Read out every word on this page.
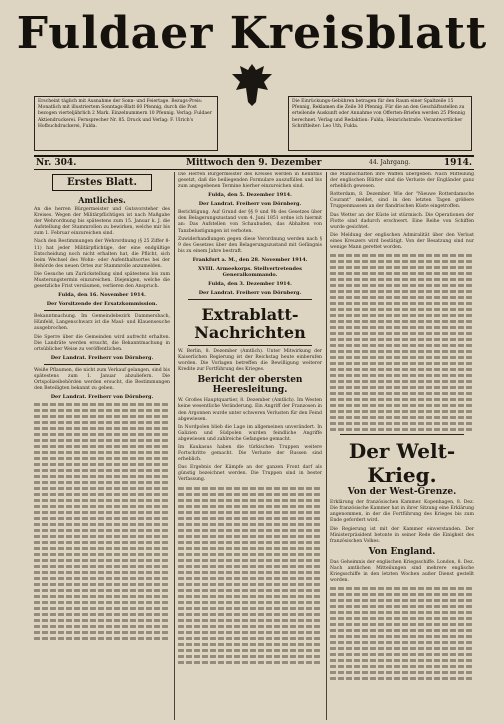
Fuldaer Kreisblatt
Erscheint täglich mit Ausnahme der Sonn- und Feiertage. Bezugs-Preis: Monatlich mit illustriertem Sonntags-Blatt 60 Pfennig, durch die Post bezogen vierteljährlich 2 Mark. Einzelnummern 10 Pfennig. Verlag: Fuldaer Aktiendruckerei. Fernsprecher Nr. 85. Druck und Verlag: F. Ulrich's Hofbuchdruckerei, Fulda.
Die Einrückungs-Gebühren betragen für den Raum einer Spaltzeile 15 Pfennig, Reklamen die Zeile 30 Pfennig. Für die an den Geschäftsstellen zu erteilende Auskunft oder Annahme von Offerten-Briefen werden 25 Pfennig berechnet. Verlag und Redaktion: Fulda, Heinrichstraße. Verantwortlicher Schriftleiter: Leo Uth, Fulda.
Nr. 304.	Mittwoch den 9. Dezember	44. Jahrgang.	1914.
Erstes Blatt.
Amtliches.

An die herren Bürgermeister und Gutsvorsteher des Kreises. Wegen der Militärpflichtigen ist nach Maßgabe der Wehrordnung bis spätestens zum 15. Januar k. J. die Aufstellung der Stammrollen zu bewirken, welche mir bis zum 1. Februar einzureichen sind.

Nach den Bestimmungen der Wehrordnung (§ 25 Ziffer 8-11) hat jeder Militärpflichtige, der eine endgültige Entscheidung noch nicht erhalten hat, die Pflicht, sich beim Wechsel des Wohn- oder Aufenthaltsortes bei der Behörde des neuen Ortes zur Stammrolle anzumelden.

Die Gesuche um Zurückstellung sind spätestens bis zum Musterungstermin einzureichen. Diejenigen, welche die gesetzliche Frist versäumen, verlieren den Anspruch.

Fulda, den 16. November 1914.
Der Vorsitzende der Ersatzkommission.

Bekanntmachung. Im Gemeindebezirk Dammersbach, Hünfeld, Langenschwarz ist die Maul- und Klauenseuche ausgebrochen.

Die Sperre über die Gemeinden wird aufrecht erhalten. Die Landräte werden ersucht, die Bekanntmachung in ortsüblicher Weise zu veröffentlichen.

Der Landrat. Freiherr von Dörnberg.

Weiße Pflaumen, die nicht zum Verkauf gelangen, sind bis spätestens zum 1. Januar abzuliefern. Die Ortspolizeibehörden werden ersucht, die Bestimmungen den Beteiligten bekannt zu geben.

Der Landrat. Freiherr von Dörnberg.

Die Herren Bürgermeister des Kreises werden in Kenntnis gesetzt, daß die beiliegenden Formulare auszufüllen und bis zum angegebenen Termine hierher einzureichen sind.

Fulda, den 5. Dezember 1914.
Der Landrat. Freiherr von Dörnberg.

Berichtigung. Auf Grund der §§ 9 und 9b des Gesetzes über den Belagerungszustand vom 4. Juni 1851 ordne ich hiermit an: Das Aufstellen von Schaubuden, das Abhalten von Tanzbelustigungen ist verboten.

Zuwiderhandlungen gegen diese Verordnung werden nach § 9 des Gesetzes über den Belagerungszustand mit Gefängnis bis zu einem Jahre bestraft.

Frankfurt a. M., den 28. November 1914.
XVIII. Armeekorps. Stellvertretendes Generalkommando.
Fulda, den 3. Dezember 1914.
Der Landrat. Freiherr von Dörnberg.
Extrablatt-Nachrichten

W. Berlin, 8. Dezember (Amtlich). Unter Mitwirkung der Kaiserlichen Regierung ist der Reichstag heute einberufen worden. Die Vorlagen betreffen die Bewilligung weiterer Kredite zur Fortführung des Krieges.

Bericht der obersten Heeresleitung.

W. Großes Hauptquartier, 8. Dezember (Amtlich). Im Westen keine wesentliche Veränderung. Ein Angriff der Franzosen in den Argonnen wurde unter schweren Verlusten für den Feind abgewiesen.

In Nordpolen blieb die Lage im allgemeinen unverändert. In Galizien und Südpolen wurden feindliche Angriffe abgewiesen und zahlreiche Gefangene gemacht.

Im Kaukasus haben die türkischen Truppen weitere Fortschritte gemacht. Die Verluste der Russen sind erheblich.

Das Ergebnis der Kämpfe an der ganzen Front darf als günstig bezeichnet werden. Die Truppen sind in bester Verfassung.

die Mannschaften ihre Waffen übergeben. Nach Mitteilung der englischen Blätter sind die Verluste der Engländer ganz erheblich gewesen.

Rotterdam, 8. Dezember. Wie der "Nieuwe Rotterdamsche Courant" meldet, sind in den letzten Tagen größere Truppenmassen an der flandrischen Küste eingetroffen.

Das Wetter an der Küste ist stürmisch. Die Operationen der Flotte sind dadurch erschwert. Eine Reihe von Schiffen wurde gesichtet.

Die Meldung der englischen Admiralität über den Verlust eines Kreuzers wird bestätigt. Von der Besatzung sind nur wenige Mann gerettet worden.

Der Welt-Krieg.
Von der West-Grenze.

Erklärung der französischen Kammer. Kopenhagen, 8. Dez. Die französische Kammer hat in ihrer Sitzung eine Erklärung angenommen, in der die Fortführung des Krieges bis zum Ende gefordert wird.

Die Regierung ist mit der Kammer einverstanden. Der Ministerpräsident betonte in seiner Rede die Einigkeit des französischen Volkes.

Von England.

Das Geheimnis der englischen Kriegsschiffe. London, 8. Dez. Nach amtlichen Mitteilungen sind mehrere englische Kriegsschiffe in den letzten Wochen außer Dienst gestellt worden.
